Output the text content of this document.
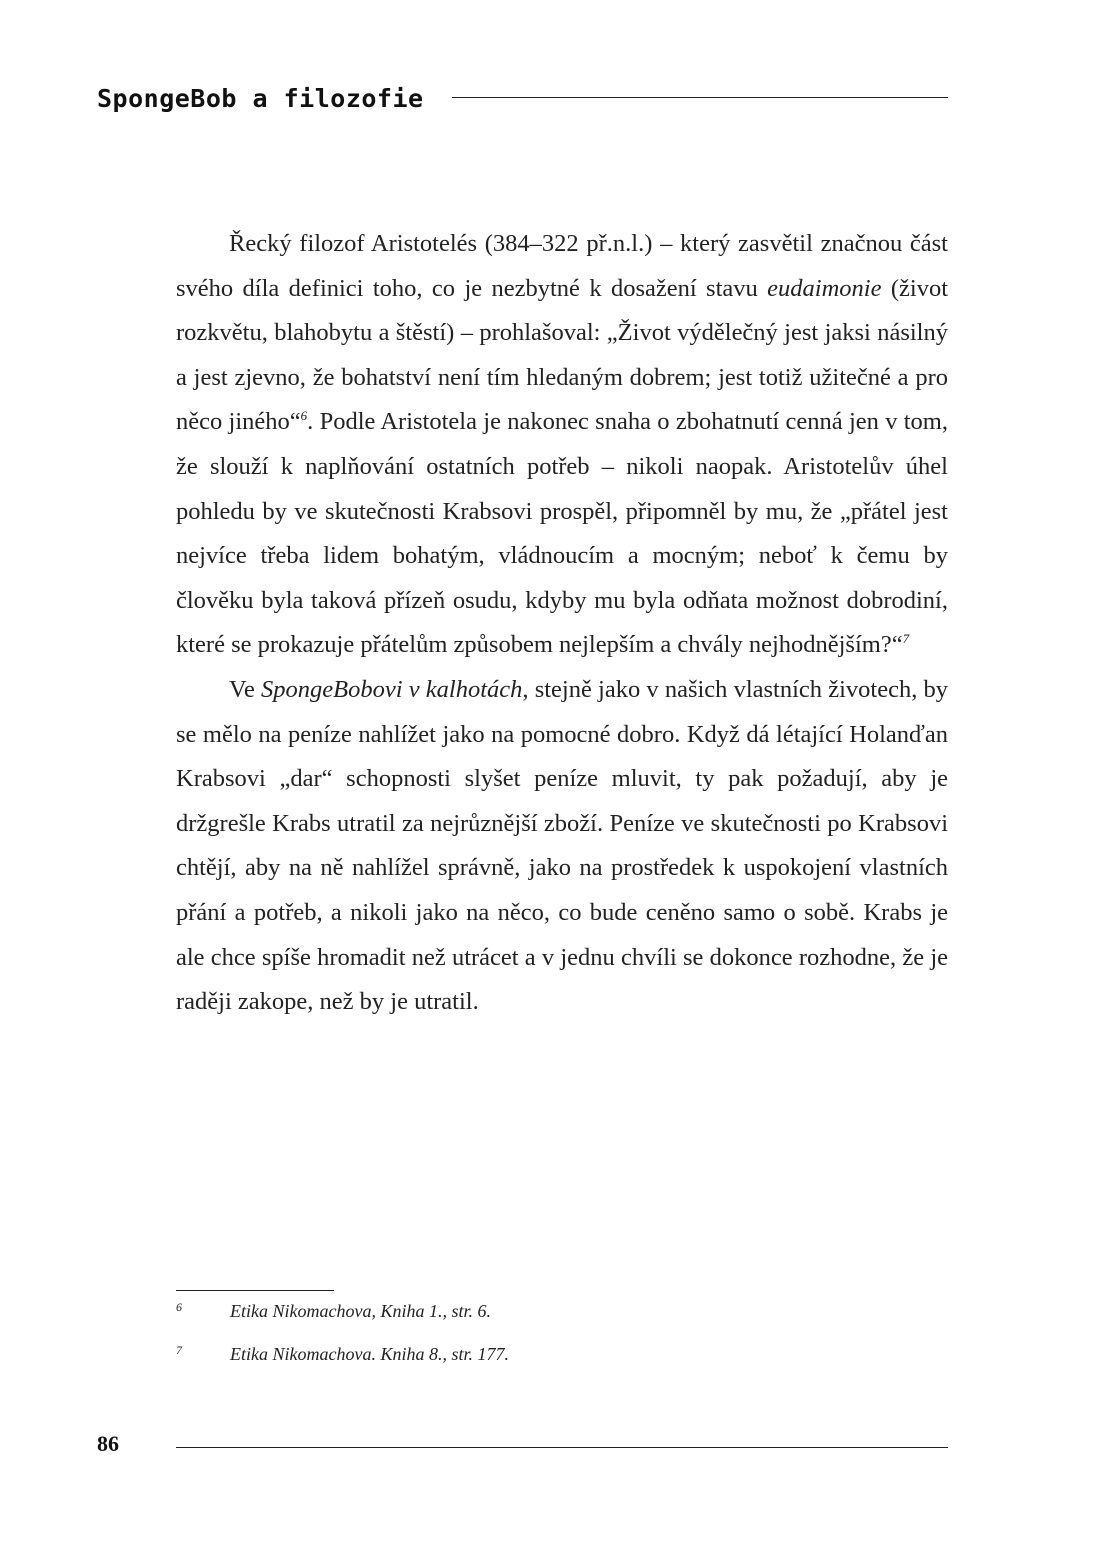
SpongeBob a filozofie

Řecký filozof Aristotelés (384–322 př.n.l.) – který zasvětil značnou část svého díla definici toho, co je nezbytné k dosažení stavu eudaimonie (život rozkvětu, blahobytu a štěstí) – prohlašoval: „Život výdělečný jest jaksi násilný a jest zjevno, že bohatství není tím hledaným dobrem; jest totiž užitečné a pro něco jiného“$^6$. Podle Aristotela je nakonec snaha o zbohatnutí cenná jen v tom, že slouží k naplňování ostatních potřeb – nikoli naopak. Aristotelův úhel pohledu by ve skutečnosti Krabsovi prospěl, připomněl by mu, že „přátel jest nejvíce třeba lidem bohatým, vládnoucím a mocným; neboť k čemu by člověku byla taková přízeň osudu, kdyby mu byla odňata možnost dobrodiní, které se prokazuje přátelům způsobem nejlepším a chvály nejhodnějším?“$^7$

Ve SpongeBobovi v kalhotách, stejně jako v našich vlastních životech, by se mělo na peníze nahlížet jako na pomocné dobro. Když dá létající Holanďan Krabsovi „dar“ schopnosti slyšet peníze mluvit, ty pak požadují, aby je držgrešle Krabs utratil za nejrůznější zboží. Peníze ve skutečnosti po Krabsovi chtějí, aby na ně nahlížel správně, jako na prostředek k uspokojení vlastních přání a potřeb, a nikoli jako na něco, co bude ceněno samo o sobě. Krabs je ale chce spíše hromadit než utrácet a v jednu chvíli se dokonce rozhodne, že je raději zakope, než by je utratil.

6	Etika Nikomachova, Kniha 1., str. 6.
7	Etika Nikomachova. Kniha 8., str. 177.
86
